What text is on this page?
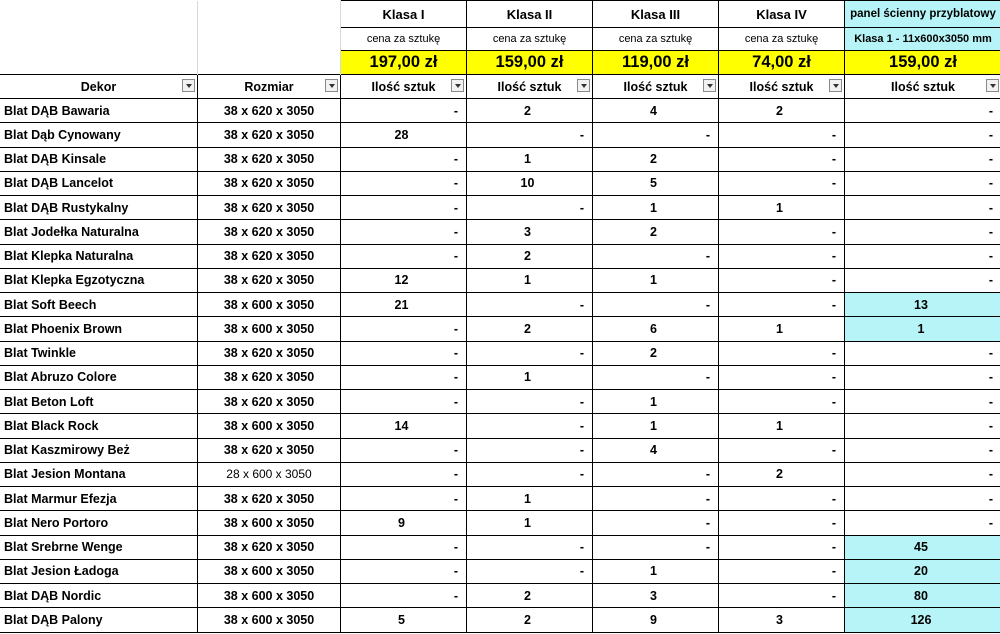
		Klasa I	Klasa II	Klasa III	Klasa IV	panel ścienny przyblatowy
		cena za sztukę	cena za sztukę	cena za sztukę	cena za sztukę	Klasa 1 - 11x600x3050 mm
		197,00 zł	159,00 zł	119,00 zł	74,00 zł	159,00 zł
Dekor	Rozmiar	Ilość sztuk	Ilość sztuk	Ilość sztuk	Ilość sztuk	Ilość sztuk

Blat DĄB Bawaria	38 x 620 x 3050	-	2	4	2	-
Blat Dąb Cynowany	38 x 620 x 3050	28	-	-	-	-
Blat DĄB Kinsale	38 x 620 x 3050	-	1	2	-	-
Blat DĄB Lancelot	38 x 620 x 3050	-	10	5	-	-
Blat DĄB Rustykalny	38 x 620 x 3050	-	-	1	1	-
Blat Jodełka Naturalna	38 x 620 x 3050	-	3	2	-	-
Blat Klepka Naturalna	38 x 620 x 3050	-	2	-	-	-
Blat Klepka Egzotyczna	38 x 620 x 3050	12	1	1	-	-
Blat Soft Beech	38 x 600 x 3050	21	-	-	-	13
Blat Phoenix Brown	38 x 600 x 3050	-	2	6	1	1
Blat Twinkle	38 x 620 x 3050	-	-	2	-	-
Blat Abruzo Colore	38 x 620 x 3050	-	1	-	-	-
Blat Beton Loft	38 x 620 x 3050	-	-	1	-	-
Blat Black Rock	38 x 600 x 3050	14	-	1	1	-
Blat Kaszmirowy Beż	38 x 620 x 3050	-	-	4	-	-
Blat Jesion Montana	28 x 600 x 3050	-	-	-	2	-
Blat Marmur Efezja	38 x 620 x 3050	-	1	-	-	-
Blat Nero Portoro	38 x 600 x 3050	9	1	-	-	-
Blat Srebrne Wenge	38 x 620 x 3050	-	-	-	-	45
Blat Jesion Ładoga	38 x 600 x 3050	-	-	1	-	20
Blat DĄB Nordic	38 x 600 x 3050	-	2	3	-	80
Blat DĄB Palony	38 x 600 x 3050	5	2	9	3	126
